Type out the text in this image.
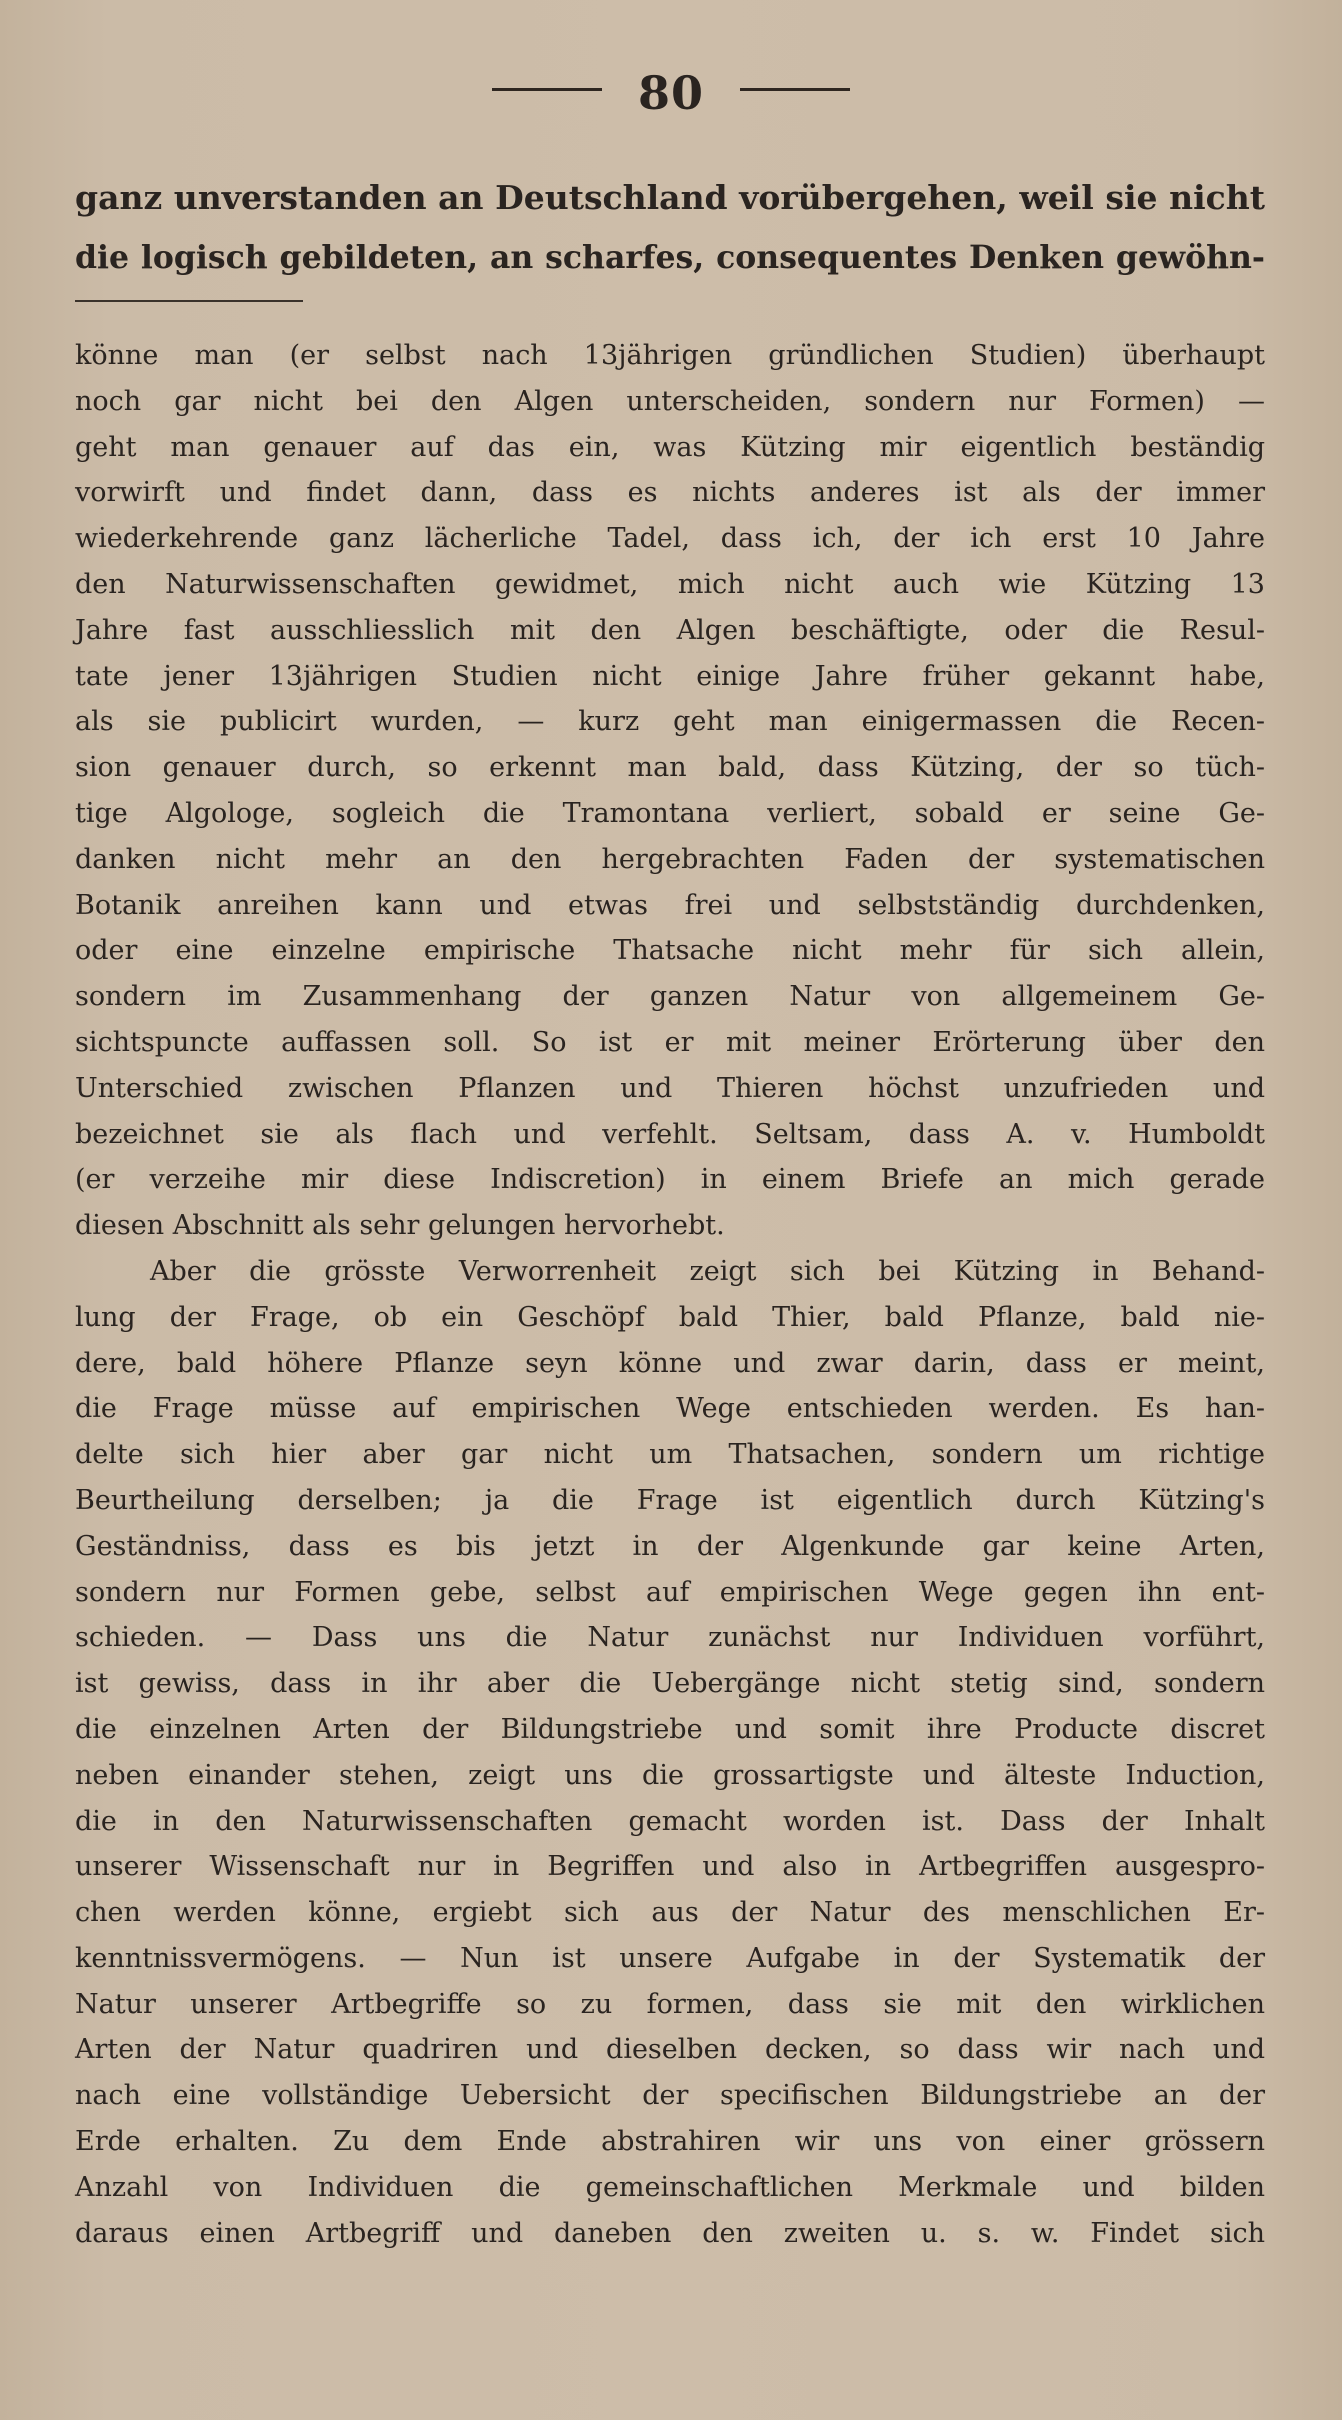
80
ganz unverstanden an Deutschland vorübergehen, weil sie nicht
die logisch gebildeten, an scharfes, consequentes Denken gewöhn-
könne man (er selbst nach 13jährigen gründlichen Studien) überhaupt
noch gar nicht bei den Algen unterscheiden, sondern nur Formen) —
geht man genauer auf das ein, was Kützing mir eigentlich beständig
vorwirft und findet dann, dass es nichts anderes ist als der immer
wiederkehrende ganz lächerliche Tadel, dass ich, der ich erst 10 Jahre
den Naturwissenschaften gewidmet, mich nicht auch wie Kützing 13
Jahre fast ausschliesslich mit den Algen beschäftigte, oder die Resul-
tate jener 13jährigen Studien nicht einige Jahre früher gekannt habe,
als sie publicirt wurden, — kurz geht man einigermassen die Recen-
sion genauer durch, so erkennt man bald, dass Kützing, der so tüch-
tige Algologe, sogleich die Tramontana verliert, sobald er seine Ge-
danken nicht mehr an den hergebrachten Faden der systematischen
Botanik anreihen kann und etwas frei und selbstständig durchdenken,
oder eine einzelne empirische Thatsache nicht mehr für sich allein,
sondern im Zusammenhang der ganzen Natur von allgemeinem Ge-
sichtspuncte auffassen soll. So ist er mit meiner Erörterung über den
Unterschied zwischen Pflanzen und Thieren höchst unzufrieden und
bezeichnet sie als flach und verfehlt. Seltsam, dass A. v. Humboldt
(er verzeihe mir diese Indiscretion) in einem Briefe an mich gerade
diesen Abschnitt als sehr gelungen hervorhebt.
Aber die grösste Verworrenheit zeigt sich bei Kützing in Behand-
lung der Frage, ob ein Geschöpf bald Thier, bald Pflanze, bald nie-
dere, bald höhere Pflanze seyn könne und zwar darin, dass er meint,
die Frage müsse auf empirischen Wege entschieden werden. Es han-
delte sich hier aber gar nicht um Thatsachen, sondern um richtige
Beurtheilung derselben; ja die Frage ist eigentlich durch Kützing's
Geständniss, dass es bis jetzt in der Algenkunde gar keine Arten,
sondern nur Formen gebe, selbst auf empirischen Wege gegen ihn ent-
schieden. — Dass uns die Natur zunächst nur Individuen vorführt,
ist gewiss, dass in ihr aber die Uebergänge nicht stetig sind, sondern
die einzelnen Arten der Bildungstriebe und somit ihre Producte discret
neben einander stehen, zeigt uns die grossartigste und älteste Induction,
die in den Naturwissenschaften gemacht worden ist. Dass der Inhalt
unserer Wissenschaft nur in Begriffen und also in Artbegriffen ausgespro-
chen werden könne, ergiebt sich aus der Natur des menschlichen Er-
kenntnissvermögens. — Nun ist unsere Aufgabe in der Systematik der
Natur unserer Artbegriffe so zu formen, dass sie mit den wirklichen
Arten der Natur quadriren und dieselben decken, so dass wir nach und
nach eine vollständige Uebersicht der specifischen Bildungstriebe an der
Erde erhalten. Zu dem Ende abstrahiren wir uns von einer grössern
Anzahl von Individuen die gemeinschaftlichen Merkmale und bilden
daraus einen Artbegriff und daneben den zweiten u. s. w. Findet sich
